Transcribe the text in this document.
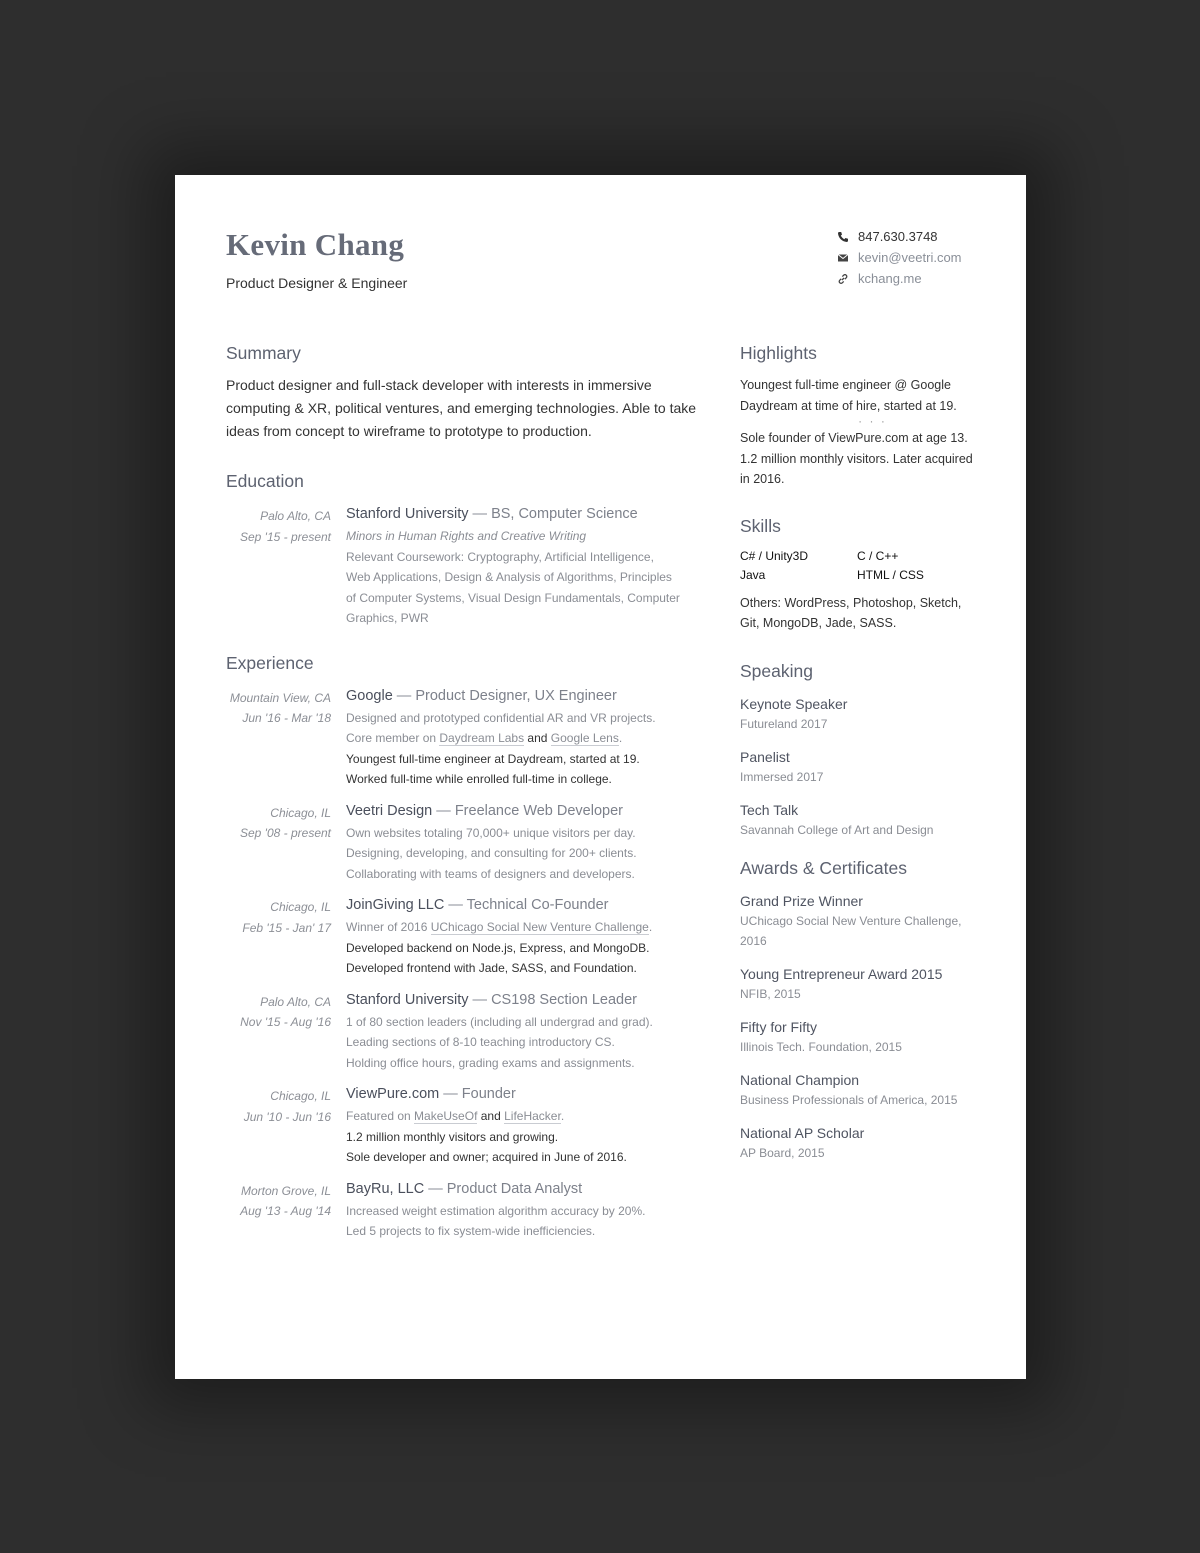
Kevin Chang
Product Designer & Engineer
847.630.3748
kevin@veetri.com
kchang.me
Summary

Product designer and full-stack developer with interests in immersive computing & XR, political ventures, and emerging technologies. Able to take ideas from concept to wireframe to prototype to production.

Education
Palo Alto, CA
Sep '15 - present
Stanford University — BS, Computer Science
Minors in Human Rights and Creative Writing
Relevant Coursework: Cryptography, Artificial Intelligence,
Web Applications, Design & Analysis of Algorithms, Principles
of Computer Systems, Visual Design Fundamentals, Computer
Graphics, PWR
Experience
Mountain View, CA
Jun '16 - Mar '18
Google — Product Designer, UX Engineer
Designed and prototyped confidential AR and VR projects.
Core member on Daydream Labs and Google Lens.
Youngest full-time engineer at Daydream, started at 19.
Worked full-time while enrolled full-time in college.
Chicago, IL
Sep '08 - present
Veetri Design — Freelance Web Developer
Own websites totaling 70,000+ unique visitors per day.
Designing, developing, and consulting for 200+ clients.
Collaborating with teams of designers and developers.
Chicago, IL
Feb '15 - Jan' 17
JoinGiving LLC — Technical Co-Founder
Winner of 2016 UChicago Social New Venture Challenge.
Developed backend on Node.js, Express, and MongoDB.
Developed frontend with Jade, SASS, and Foundation.
Palo Alto, CA
Nov '15 - Aug '16
Stanford University — CS198 Section Leader
1 of 80 section leaders (including all undergrad and grad).
Leading sections of 8-10 teaching introductory CS.
Holding office hours, grading exams and assignments.
Chicago, IL
Jun '10 - Jun '16
ViewPure.com — Founder
Featured on MakeUseOf and LifeHacker.
1.2 million monthly visitors and growing.
Sole developer and owner; acquired in June of 2016.
Morton Grove, IL
Aug '13 - Aug '14
BayRu, LLC — Product Data Analyst
Increased weight estimation algorithm accuracy by 20%.
Led 5 projects to fix system-wide inefficiencies.
Highlights

Youngest full-time engineer @ Google Daydream at time of hire, started at 19.

· · ·

Sole founder of ViewPure.com at age 13. 1.2 million monthly visitors. Later acquired in 2016.

Skills
C# / Unity3D	C / C++
Java	HTML / CSS

Others: WordPress, Photoshop, Sketch, Git, MongoDB, Jade, SASS.

Speaking

Keynote Speaker

Futureland 2017

Panelist

Immersed 2017

Tech Talk

Savannah College of Art and Design

Awards & Certificates

Grand Prize Winner

UChicago Social New Venture Challenge, 2016

Young Entrepreneur Award 2015

NFIB, 2015

Fifty for Fifty

Illinois Tech. Foundation, 2015

National Champion

Business Professionals of America, 2015

National AP Scholar

AP Board, 2015
